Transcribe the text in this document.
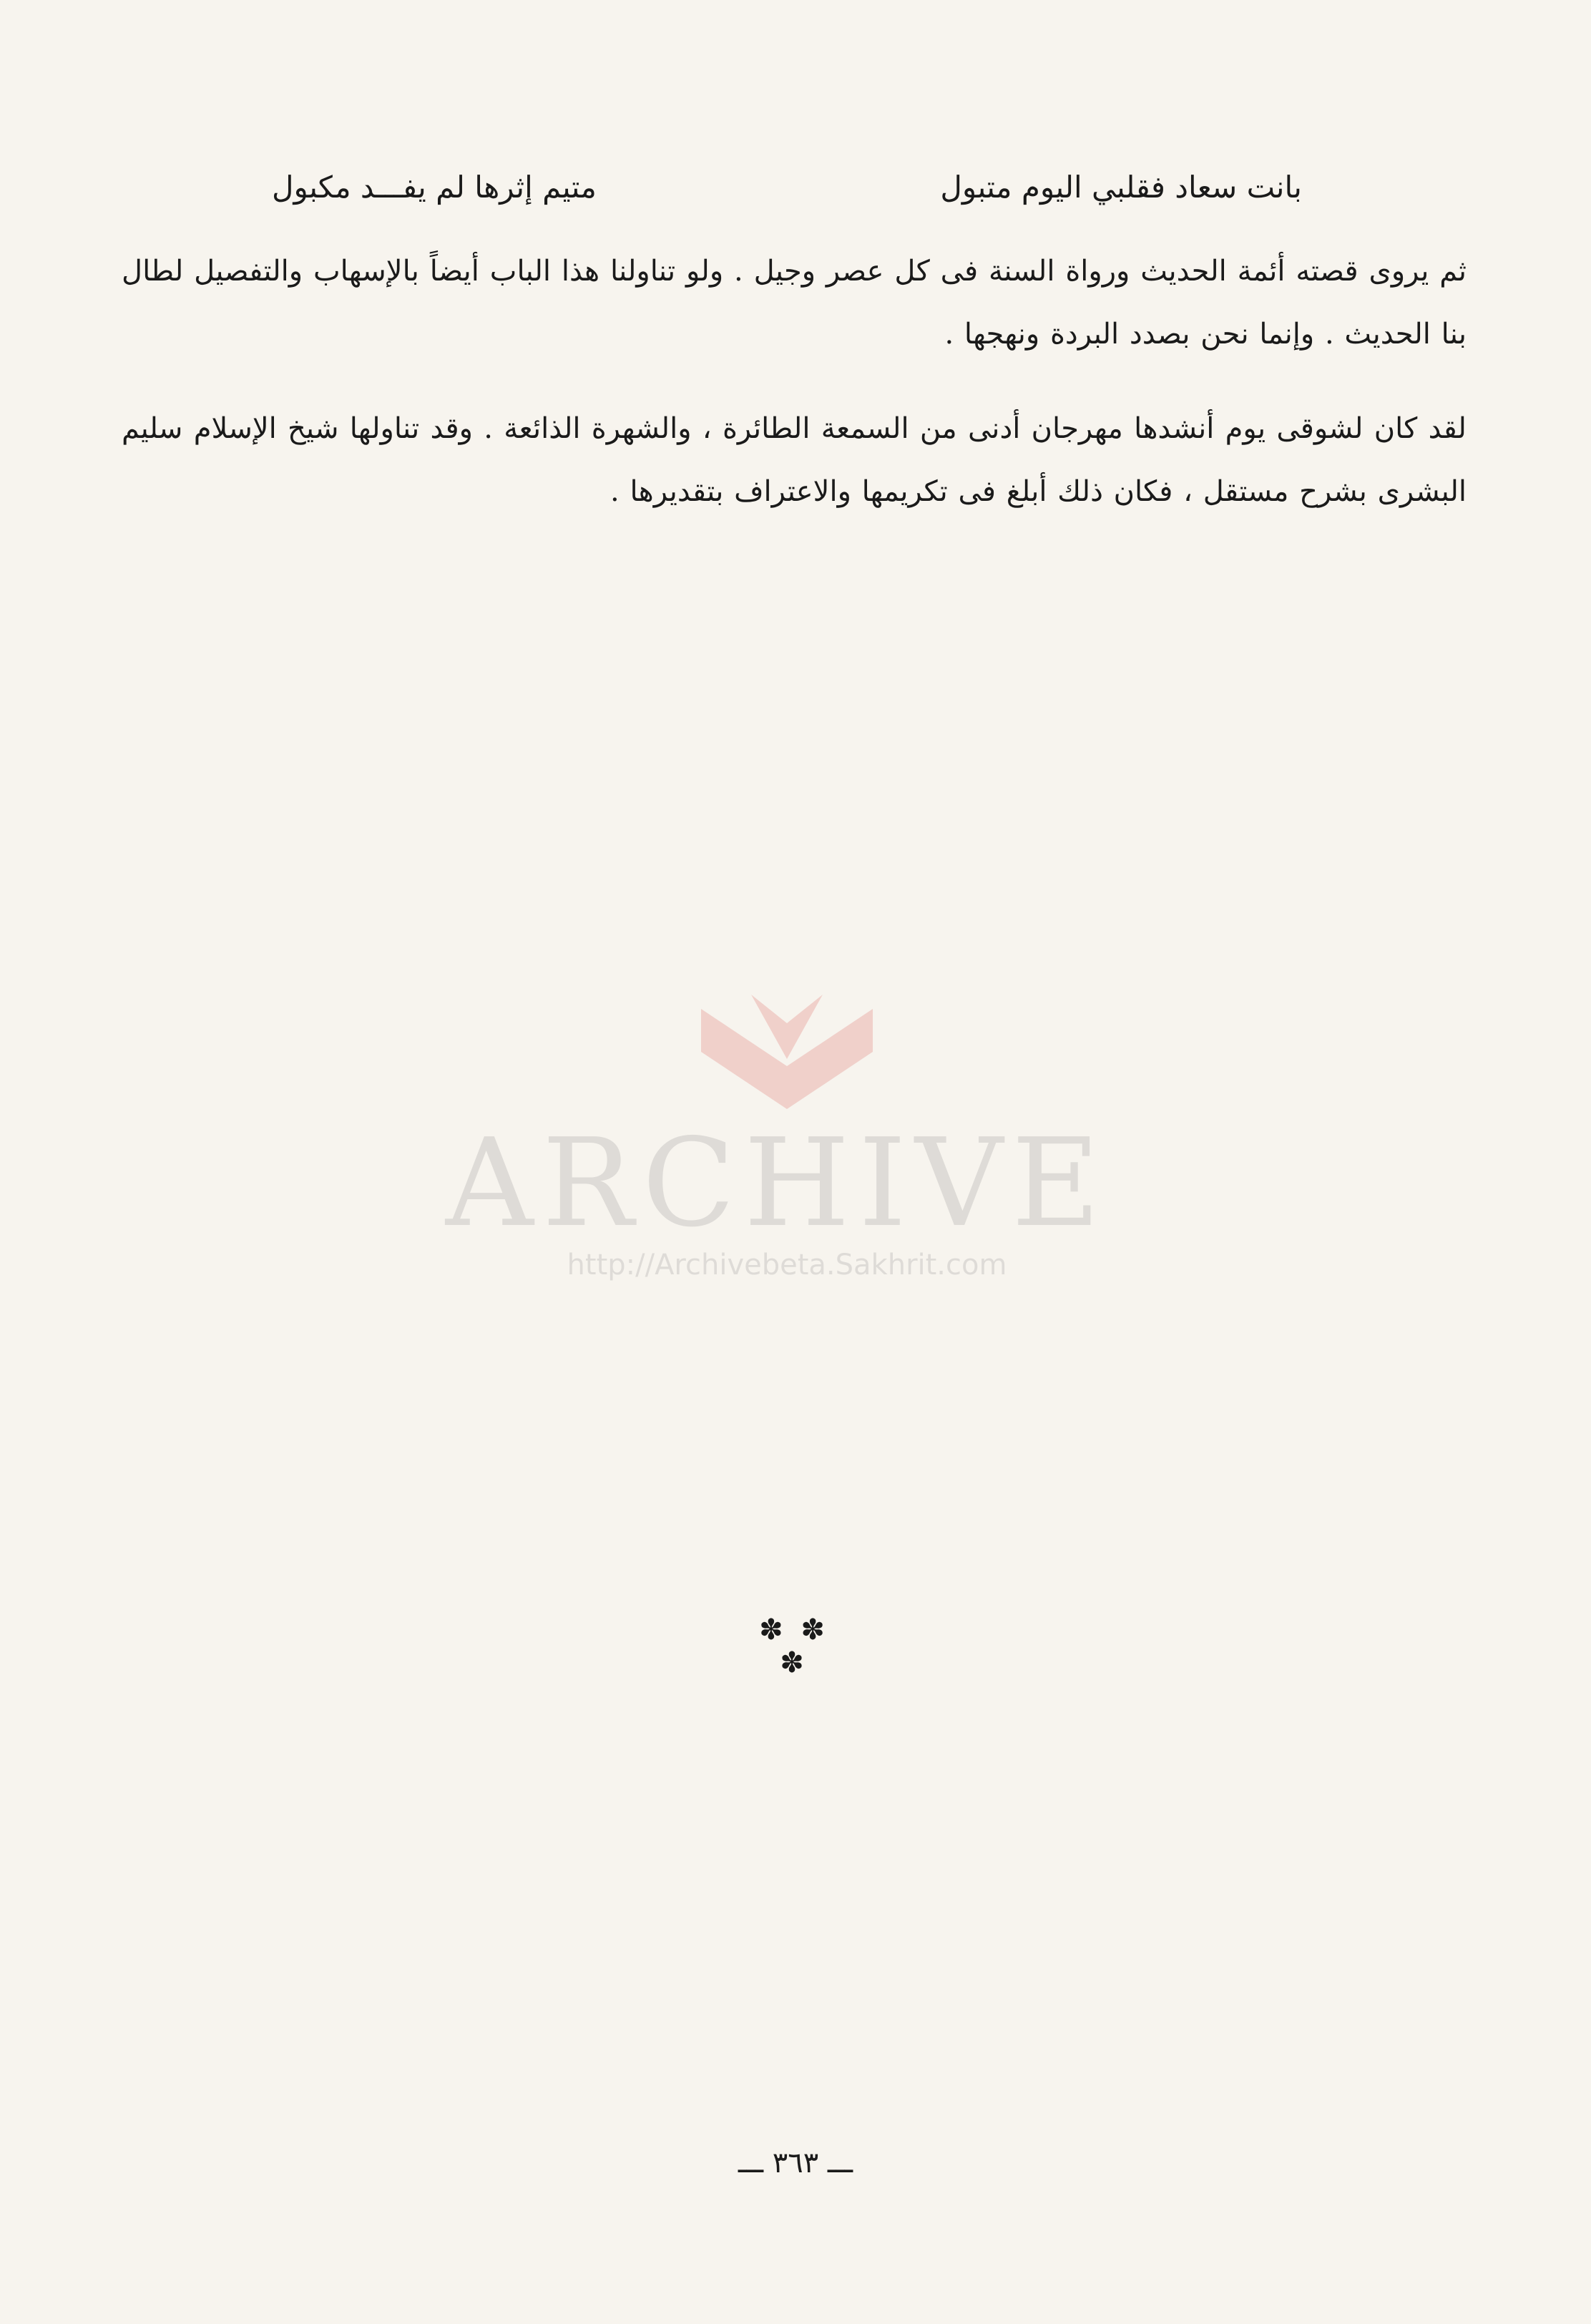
بانت سعاد فقلبي اليوم متبول
متيم إثرها لم يفـــد مكبول

ثم يروى قصته أئمة الحديث ورواة السنة فى كل عصر وجيل . ولو تناولنا هذا الباب أيضاً بالإسهاب والتفصيل لطال بنا الحديث . وإنما نحن بصدد البردة ونهجها .

لقد كان لشوقى يوم أنشدها مهرجان أدنى من السمعة الطائرة ، والشهرة الذائعة . وقد تناولها شيخ الإسلام سليم البشرى بشرح مستقل ، فكان ذلك أبلغ فى تكريمها والاعتراف بتقديرها .

✽ ✽ ✽
ـــ ٣٦٣ ـــ
ARCHIVE
http://Archivebeta.Sakhrit.com
